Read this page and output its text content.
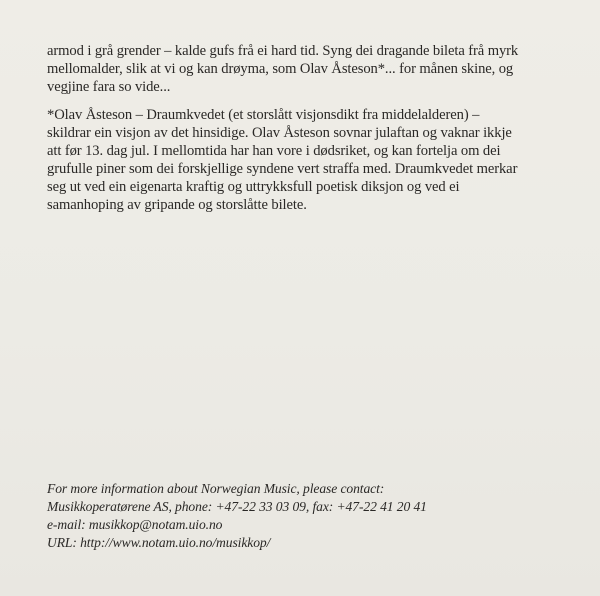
armod i grå grender – kalde gufs frå ei hard tid. Syng dei dragande bileta frå myrk
mellomalder, slik at vi og kan drøyma, som Olav Åsteson*... for månen skine, og
vegjine fara so vide...
*Olav Åsteson – Draumkvedet (et storslått visjonsdikt fra middelalderen) –
skildrar ein visjon av det hinsidige. Olav Åsteson sovnar julaftan og vaknar ikkje
att før 13. dag jul. I mellomtida har han vore i dødsriket, og kan fortelja om dei
grufulle piner som dei forskjellige syndene vert straffa med. Draumkvedet merkar
seg ut ved ein eigenarta kraftig og uttrykksfull poetisk diksjon og ved ei
samanhoping av gripande og storslåtte bilete.
For more information about Norwegian Music, please contact:
Musikkoperatørene AS, phone: +47-22 33 03 09, fax: +47-22 41 20 41
e-mail: musikkop@notam.uio.no
URL: http://www.notam.uio.no/musikkop/
